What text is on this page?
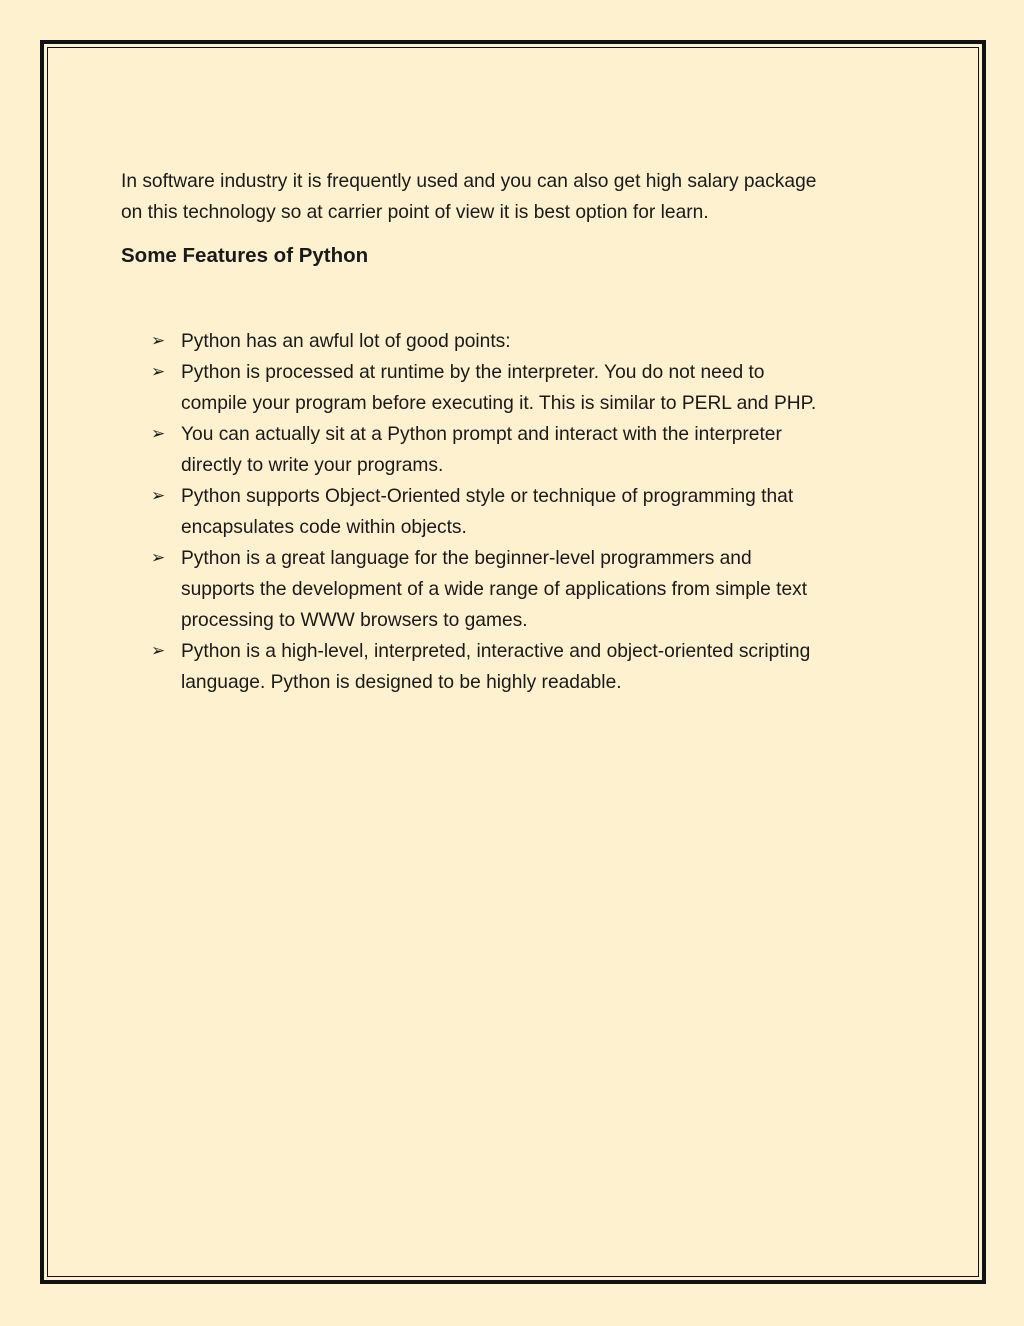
In software industry it is frequently used and you can also get high salary package
on this technology so at carrier point of view it is best option for learn.

Some Features of Python
➢ Python has an awful lot of good points:
➢ Python is processed at runtime by the interpreter. You do not need to
compile your program before executing it. This is similar to PERL and PHP.
➢ You can actually sit at a Python prompt and interact with the interpreter
directly to write your programs.
➢ Python supports Object-Oriented style or technique of programming that
encapsulates code within objects.
➢ Python is a great language for the beginner-level programmers and
supports the development of a wide range of applications from simple text
processing to WWW browsers to games.
➢ Python is a high-level, interpreted, interactive and object-oriented scripting
language. Python is designed to be highly readable.
